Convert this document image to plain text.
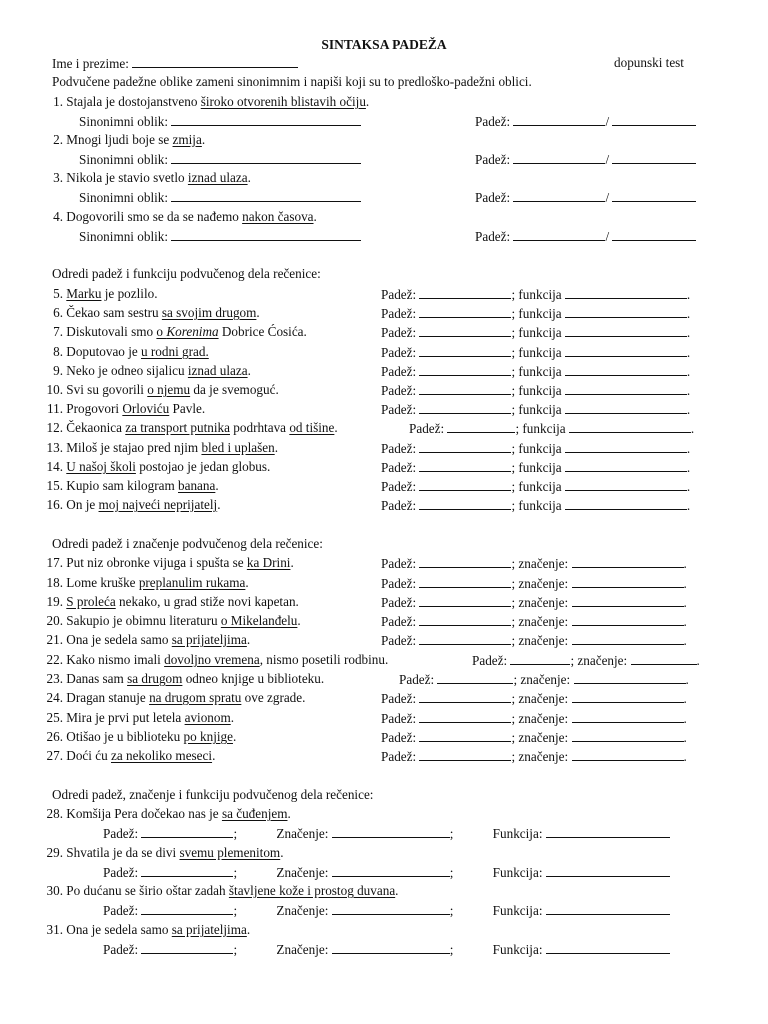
SINTAKSA PADEŽA
Ime i prezime:	dopunski test
Podvučene padežne oblike zameni sinonimnim i napiši koji su to predloško-padežni oblici.
1. Stajala je dostojanstveno široko otvorenih blistavih očiju.
Sinonimni oblik:	Padež:	/
2. Mnogi ljudi boje se zmija.
Sinonimni oblik:	Padež:	/
3. Nikola je stavio svetlo iznad ulaza.
Sinonimni oblik:	Padež:	/
4. Dogovorili smo se da se nađemo nakon časova.
Sinonimni oblik:	Padež:	/
Odredi padež i funkciju podvučenog dela rečenice:
5. Marku je pozlilo.	Padež:	; funkcija	.
6. Čekao sam sestru sa svojim drugom.	Padež:	; funkcija	.
7. Diskutovali smo o Korenima Dobrice Ćosića.	Padež:	; funkcija	.
8. Doputovao je u rodni grad.	Padež:	; funkcija	.
9. Neko je odneo sijalicu iznad ulaza.	Padež:	; funkcija	.
10. Svi su govorili o njemu da je svemoguć.	Padež:	; funkcija	.
11. Progovori Orloviću Pavle.	Padež:	; funkcija	.
12. Čekaonica za transport putnika podrhtava od tišine.	Padež:	; funkcija	.
13. Miloš je stajao pred njim bled i uplašen.	Padež:	; funkcija	.
14. U našoj školi postojao je jedan globus.	Padež:	; funkcija	.
15. Kupio sam kilogram banana.	Padež:	; funkcija	.
16. On je moj najveći neprijatelj.	Padež:	; funkcija	.
Odredi padež i značenje podvučenog dela rečenice:
17. Put niz obronke vijuga i spušta se ka Drini.	Padež:	; značenje:	.
18. Lome kruške preplanulim rukama.	Padež:	; značenje:	.
19. S proleća nekako, u grad stiže novi kapetan.	Padež:	; značenje:	.
20. Sakupio je obimnu literaturu o Mikelanđelu.	Padež:	; značenje:	.
21. Ona je sedela samo sa prijateljima.	Padež:	; značenje:	.
22. Kako nismo imali dovoljno vremena, nismo posetili rodbinu.	Padež:	; značenje:	.
23. Danas sam sa drugom odneo knjige u biblioteku.	Padež:	; značenje:	.
24. Dragan stanuje na drugom spratu ove zgrade.	Padež:	; značenje:	.
25. Mira je prvi put letela avionom.	Padež:	; značenje:	.
26. Otišao je u biblioteku po knjige.	Padež:	; značenje:	.
27. Doći ću za nekoliko meseci.	Padež:	; značenje:	.
Odredi padež, značenje i funkciju podvučenog dela rečenice:
28. Komšija Pera dočekao nas je sa čuđenjem.
Padež:	;	Značenje:	;	Funkcija:
29. Shvatila je da se divi svemu plemenitom.
Padež:	;	Značenje:	;	Funkcija:
30. Po dućanu se širio oštar zadah štavljene kože i prostog duvana.
Padež:	;	Značenje:	;	Funkcija:
31. Ona je sedela samo sa prijateljima.
Padež:	;	Značenje:	;	Funkcija:
